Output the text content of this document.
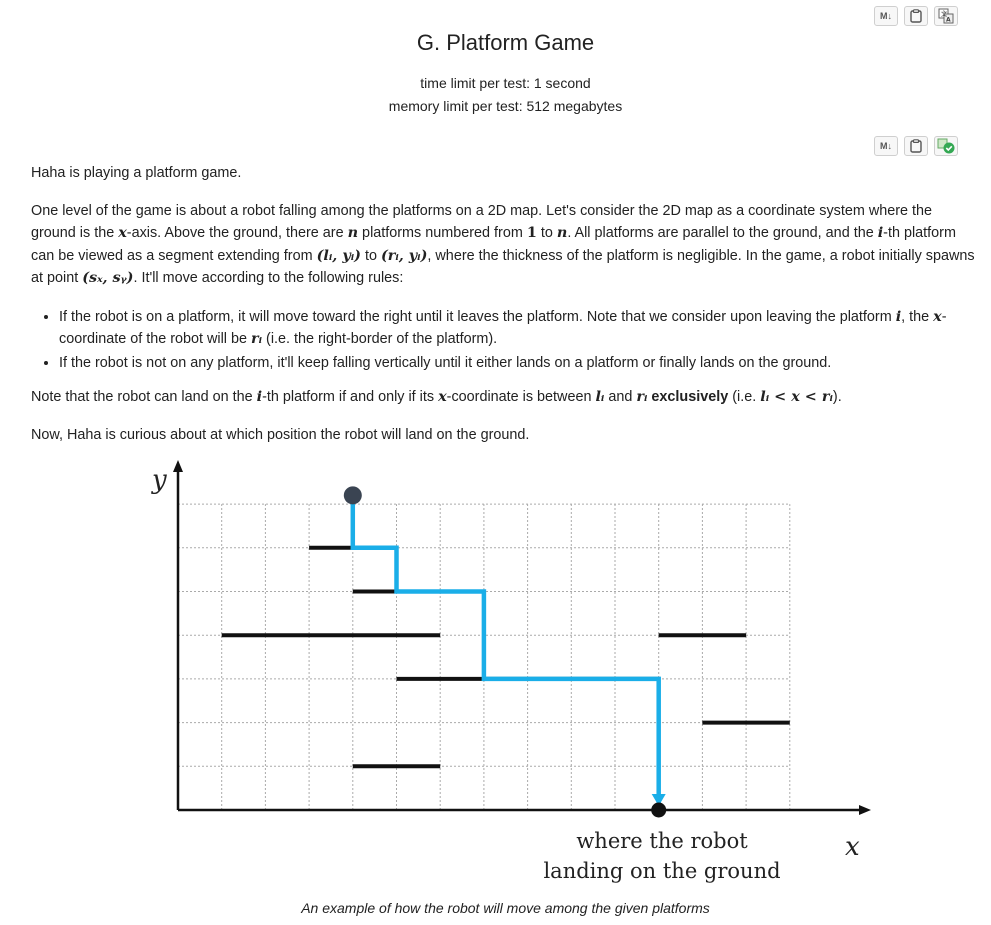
M↓	文
A
M↓
G. Platform Game
time limit per test: 1 second
memory limit per test: 512 megabytes

Haha is playing a platform game.

One level of the game is about a robot falling among the platforms on a 2D map. Let's consider the 2D map as a coordinate system where the ground is the x-axis. Above the ground, there are n platforms numbered from 1 to n. All platforms are parallel to the ground, and the i-th platform can be viewed as a segment extending from (lᵢ, yᵢ) to (rᵢ, yᵢ), where the thickness of the platform is negligible. In the game, a robot initially spawns at point (sₓ, sᵧ). It'll move according to the following rules:

• If the robot is on a platform, it will move toward the right until it leaves the platform. Note that we consider upon leaving the platform i, the x-coordinate of the robot will be rᵢ (i.e. the right-border of the platform).
• If the robot is not on any platform, it'll keep falling vertically until it either lands on a platform or finally lands on the ground.

Note that the robot can land on the i-th platform if and only if its x-coordinate is between lᵢ and rᵢ exclusively (i.e. lᵢ < x < rᵢ).

Now, Haha is curious about at which position the robot will land on the ground.

y
x
where the robot
landing on the ground
An example of how the robot will move among the given platforms
